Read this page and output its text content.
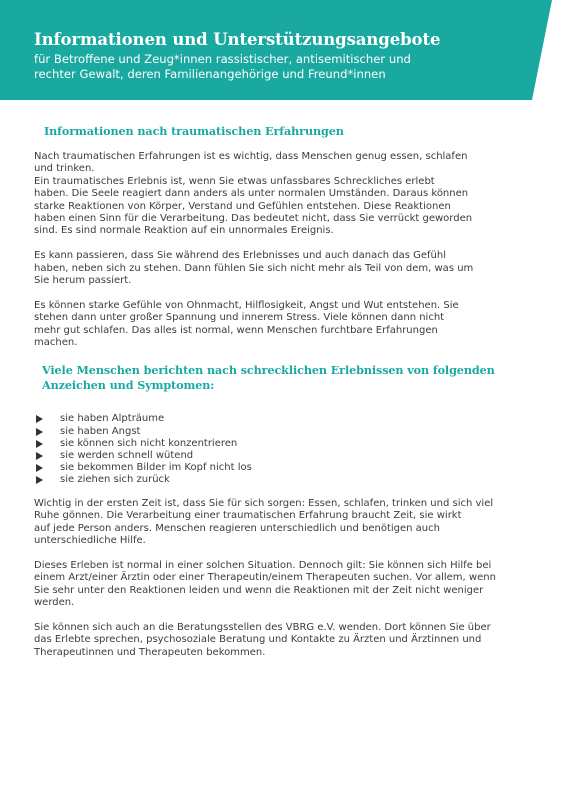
Informationen und Unterstützungsangebote

für Betroffene und Zeug*innen rassistischer, antisemitischer und
rechter Gewalt, deren Familienangehörige und Freund*innen

Informationen nach traumatischen Erfahrungen

Nach traumatischen Erfahrungen ist es wichtig, dass Menschen genug essen, schlafen
und trinken.
Ein traumatisches Erlebnis ist, wenn Sie etwas unfassbares Schreckliches erlebt
haben. Die Seele reagiert dann anders als unter normalen Umständen. Daraus können
starke Reaktionen von Körper, Verstand und Gefühlen entstehen. Diese Reaktionen
haben einen Sinn für die Verarbeitung. Das bedeutet nicht, dass Sie verrückt geworden
sind. Es sind normale Reaktion auf ein unnormales Ereignis.

Es kann passieren, dass Sie während des Erlebnisses und auch danach das Gefühl
haben, neben sich zu stehen. Dann fühlen Sie sich nicht mehr als Teil von dem, was um
Sie herum passiert.

Es können starke Gefühle von Ohnmacht, Hilflosigkeit, Angst und Wut entstehen. Sie
stehen dann unter großer Spannung und innerem Stress. Viele können dann nicht
mehr gut schlafen. Das alles ist normal, wenn Menschen furchtbare Erfahrungen
machen.

Viele Menschen berichten nach schrecklichen Erlebnissen von folgenden
Anzeichen und Symptomen:
sie haben Alpträume
sie haben Angst
sie können sich nicht konzentrieren
sie werden schnell wütend
sie bekommen Bilder im Kopf nicht los
sie ziehen sich zurück

Wichtig in der ersten Zeit ist, dass Sie für sich sorgen: Essen, schlafen, trinken und sich viel
Ruhe gönnen. Die Verarbeitung einer traumatischen Erfahrung braucht Zeit, sie wirkt
auf jede Person anders. Menschen reagieren unterschiedlich und benötigen auch
unterschiedliche Hilfe.

Dieses Erleben ist normal in einer solchen Situation. Dennoch gilt: Sie können sich Hilfe bei
einem Arzt/einer Ärztin oder einer Therapeutin/einem Therapeuten suchen. Vor allem, wenn
Sie sehr unter den Reaktionen leiden und wenn die Reaktionen mit der Zeit nicht weniger
werden.

Sie können sich auch an die Beratungsstellen des VBRG e.V. wenden. Dort können Sie über
das Erlebte sprechen, psychosoziale Beratung und Kontakte zu Ärzten und Ärztinnen und
Therapeutinnen und Therapeuten bekommen.
